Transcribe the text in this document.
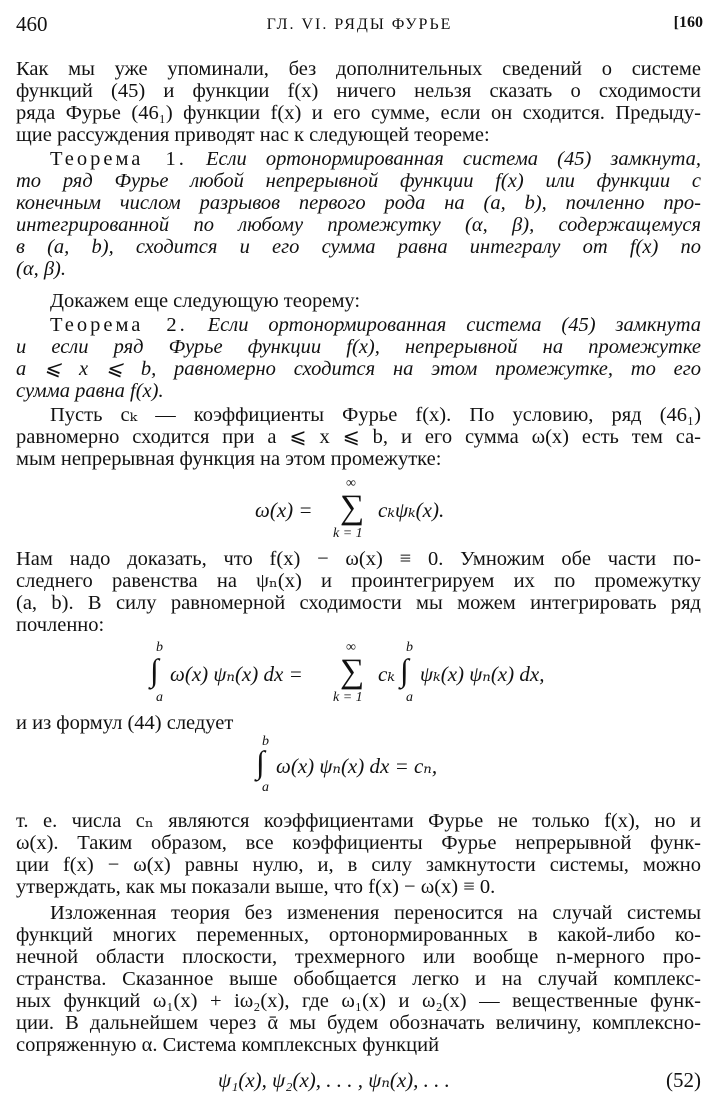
460	ГЛ. VI. РЯДЫ ФУРЬЕ	[160
Как мы уже упоминали, без дополнительных сведений о системе
функций (45) и функции f(x) ничего нельзя сказать о сходимости
ряда Фурье (46₁) функции f(x) и его сумме, если он сходится. Предыду-
щие рассуждения приводят нас к следующей теореме:
Теорема 1. Если ортонормированная система (45) замкнута,
то ряд Фурье любой непрерывной функции f(x) или функции с
конечным числом разрывов первого рода на (a, b), почленно про-
интегрированной по любому промежутку (α, β), содержащемуся
в (a, b), сходится и его сумма равна интегралу от f(x) по
(α, β).
Докажем еще следующую теорему:
Теорема 2. Если ортонормированная система (45) замкнута
и если ряд Фурье функции f(x), непрерывной на промежутке
a ⩽ x ⩽ b, равномерно сходится на этом промежутке, то его
сумма равна f(x).
Пусть cₖ — коэффициенты Фурье f(x). По условию, ряд (46₁)
равномерно сходится при a ⩽ x ⩽ b, и его сумма ω(x) есть тем са-
мым непрерывная функция на этом промежутке:
ω(x) =
∞
∑
k = 1
cₖψₖ(x).
Нам надо доказать, что f(x) − ω(x) ≡ 0. Умножим обе части по-
следнего равенства на ψₙ(x) и проинтегрируем их по промежутку
(a, b). В силу равномерной сходимости мы можем интегрировать ряд
почленно:
b
∫
a
ω(x) ψₙ(x) dx =
∞
∑
k = 1
cₖ
b
∫
a
ψₖ(x) ψₙ(x) dx,
и из формул (44) следует
b
∫
a
ω(x) ψₙ(x) dx = cₙ,
т. е. числа cₙ являются коэффициентами Фурье не только f(x), но и
ω(x). Таким образом, все коэффициенты Фурье непрерывной функ-
ции f(x) − ω(x) равны нулю, и, в силу замкнутости системы, можно
утверждать, как мы показали выше, что f(x) − ω(x) ≡ 0.
Изложенная теория без изменения переносится на случай системы
функций многих переменных, ортонормированных в какой-либо ко-
нечной области плоскости, трехмерного или вообще n-мерного про-
странства. Сказанное выше обобщается легко и на случай комплекс-
ных функций ω₁(x) + iω₂(x), где ω₁(x) и ω₂(x) — вещественные функ-
ции. В дальнейшем через ᾱ мы будем обозначать величину, комплексно-
сопряженную α. Система комплексных функций
ψ₁(x), ψ₂(x), . . . , ψₙ(x), . . .	(52)
